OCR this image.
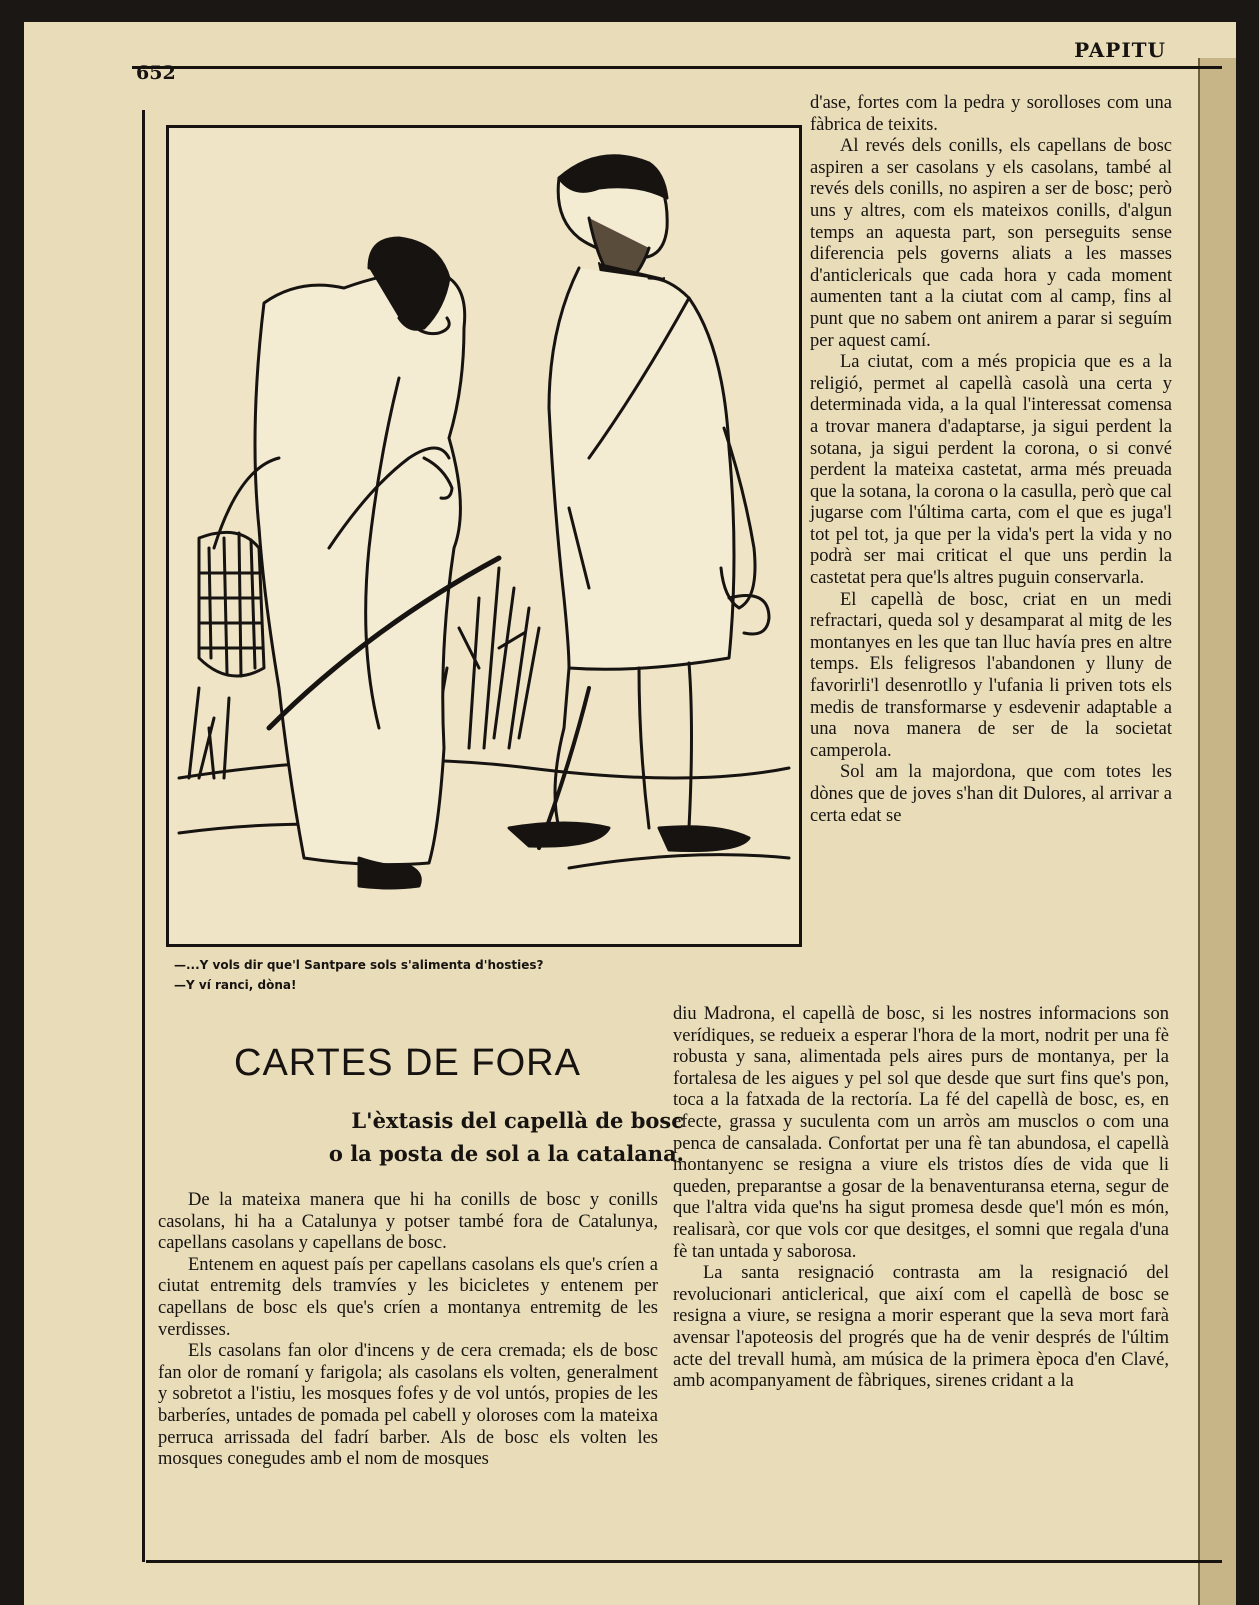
652
PAPITU
—...Y vols dir que'l Santpare sols s'alimenta d'hosties?
—Y ví ranci, dòna!
CARTES DE FORA
L'èxtasis del capellà de bosc
o la posta de sol a la catalana.

d'ase, fortes com la pedra y sorolloses com una fàbrica de teixits.

Al revés dels conills, els capellans de bosc aspiren a ser casolans y els casolans, també al revés dels conills, no aspiren a ser de bosc; però uns y altres, com els mateixos conills, d'algun temps an aquesta part, son perseguits sense diferencia pels governs aliats a les masses d'anticlericals que cada hora y cada moment aumenten tant a la ciutat com al camp, fins al punt que no sabem ont anirem a parar si seguím per aquest camí.

La ciutat, com a més propicia que es a la religió, permet al capellà casolà una certa y determinada vida, a la qual l'interessat comensa a trovar manera d'adaptarse, ja sigui perdent la sotana, ja sigui perdent la corona, o si convé perdent la mateixa castetat, arma més preuada que la sotana, la corona o la casulla, però que cal jugarse com l'última carta, com el que es juga'l tot pel tot, ja que per la vida's pert la vida y no podrà ser mai criticat el que uns perdin la castetat pera que'ls altres puguin conservarla.

El capellà de bosc, criat en un medi refractari, queda sol y desamparat al mitg de les montanyes en les que tan lluc havía pres en altre temps. Els feligresos l'abandonen y lluny de favorirli'l desenrotllo y l'ufania li priven tots els medis de transformarse y esdevenir adaptable a una nova manera de ser de la societat camperola.

Sol am la majordona, que com totes les dònes que de joves s'han dit Dulores, al arrivar a certa edat se

diu Madrona, el capellà de bosc, si les nostres informacions son verídiques, se redueix a esperar l'hora de la mort, nodrit per una fè robusta y sana, alimentada pels aires purs de montanya, per la fortalesa de les aigues y pel sol que desde que surt fins que's pon, toca a la fatxada de la rectoría. La fé del capellà de bosc, es, en efecte, grassa y suculenta com un arròs am musclos o com una penca de cansalada. Confortat per una fè tan abundosa, el capellà montanyenc se resigna a viure els tristos díes de vida que li queden, preparantse a gosar de la benaventuransa eterna, segur de que l'altra vida que'ns ha sigut promesa desde que'l món es món, realisarà, cor que vols cor que desitges, el somni que regala d'una fè tan untada y saborosa.

La santa resignació contrasta am la resignació del revolucionari anticlerical, que així com el capellà de bosc se resigna a viure, se resigna a morir esperant que la seva mort farà avensar l'apoteosis del progrés que ha de venir després de l'últim acte del trevall humà, am música de la primera època d'en Clavé, amb acompanyament de fàbriques, sirenes cridant a la

De la mateixa manera que hi ha conills de bosc y conills casolans, hi ha a Catalunya y potser també fora de Catalunya, capellans casolans y capellans de bosc.

Entenem en aquest país per capellans casolans els que's críen a ciutat entremitg dels tramvíes y les bicicletes y entenem per capellans de bosc els que's críen a montanya entremitg de les verdisses.

Els casolans fan olor d'incens y de cera cremada; els de bosc fan olor de romaní y farigola; als casolans els volten, generalment y sobretot a l'istiu, les mosques fofes y de vol untós, propies de les barberíes, untades de pomada pel cabell y oloroses com la mateixa perruca arrissada del fadrí barber. Als de bosc els volten les mosques conegudes amb el nom de mosques
